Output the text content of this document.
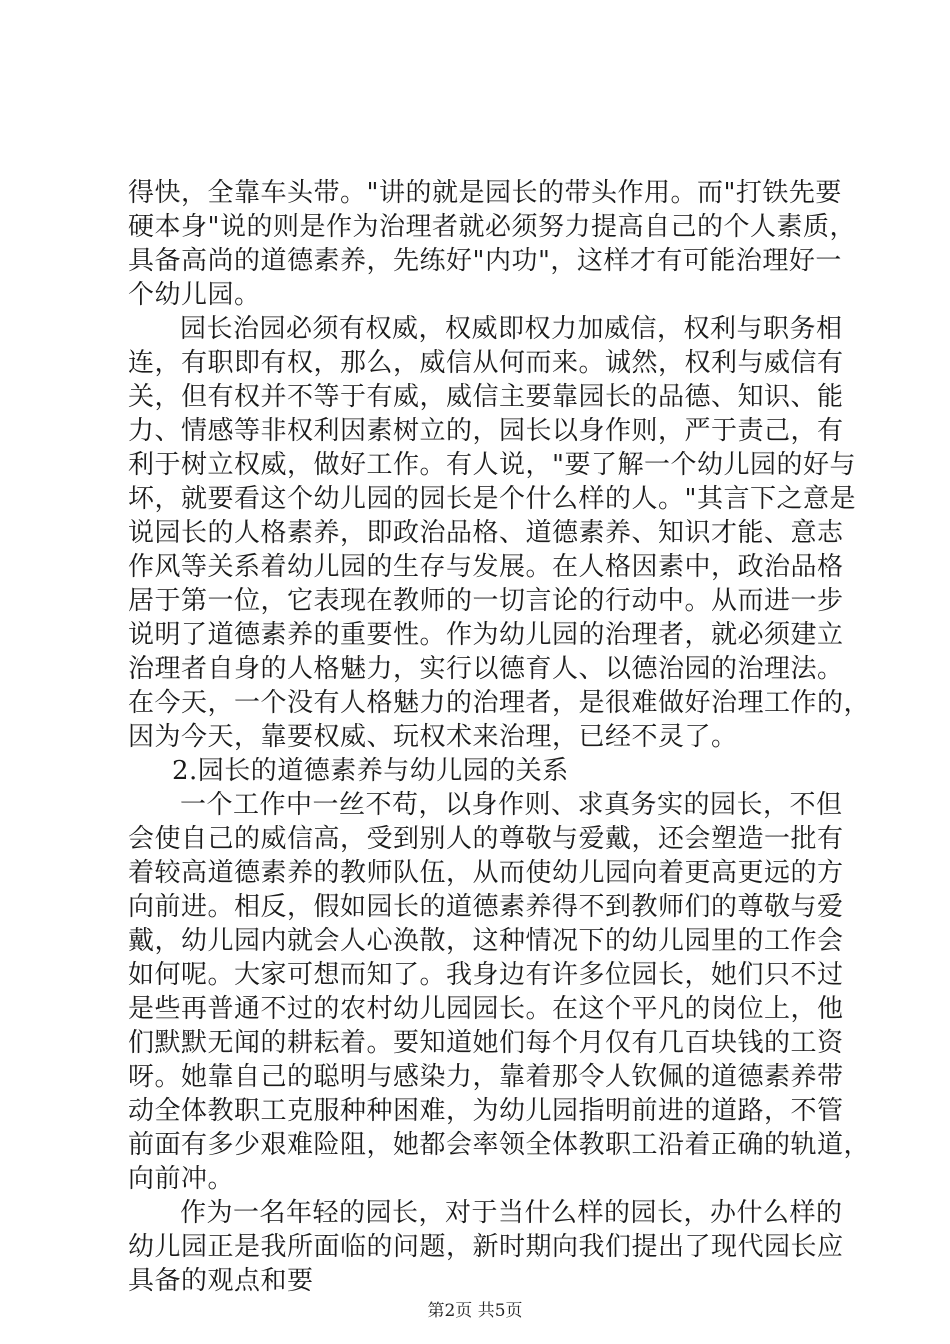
得快，全靠车头带。"讲的就是园长的带头作用。而"打铁先要
硬本身"说的则是作为治理者就必须努力提高自己的个人素质，
具备高尚的道德素养，先练好"内功"，这样才有可能治理好一
个幼儿园。
园长治园必须有权威，权威即权力加威信，权利与职务相
连，有职即有权，那么，威信从何而来。诚然，权利与威信有
关，但有权并不等于有威，威信主要靠园长的品德、知识、能
力、情感等非权利因素树立的，园长以身作则，严于责己，有
利于树立权威，做好工作。有人说，"要了解一个幼儿园的好与
坏，就要看这个幼儿园的园长是个什么样的人。"其言下之意是
说园长的人格素养，即政治品格、道德素养、知识才能、意志
作风等关系着幼儿园的生存与发展。在人格因素中，政治品格
居于第一位，它表现在教师的一切言论的行动中。从而进一步
说明了道德素养的重要性。作为幼儿园的治理者，就必须建立
治理者自身的人格魅力，实行以德育人、以德治园的治理法。
在今天，一个没有人格魅力的治理者，是很难做好治理工作的，
因为今天，靠要权威、玩权术来治理，已经不灵了。
2.园长的道德素养与幼儿园的关系
一个工作中一丝不苟，以身作则、求真务实的园长，不但
会使自己的威信高，受到别人的尊敬与爱戴，还会塑造一批有
着较高道德素养的教师队伍，从而使幼儿园向着更高更远的方
向前进。相反，假如园长的道德素养得不到教师们的尊敬与爱
戴，幼儿园内就会人心涣散，这种情况下的幼儿园里的工作会
如何呢。大家可想而知了。我身边有许多位园长，她们只不过
是些再普通不过的农村幼儿园园长。在这个平凡的岗位上，他
们默默无闻的耕耘着。要知道她们每个月仅有几百块钱的工资
呀。她靠自己的聪明与感染力，靠着那令人钦佩的道德素养带
动全体教职工克服种种困难，为幼儿园指明前进的道路，不管
前面有多少艰难险阻，她都会率领全体教职工沿着正确的轨道，
向前冲。
作为一名年轻的园长，对于当什么样的园长，办什么样的
幼儿园正是我所面临的问题，新时期向我们提出了现代园长应
具备的观点和要
第2页 共5页
